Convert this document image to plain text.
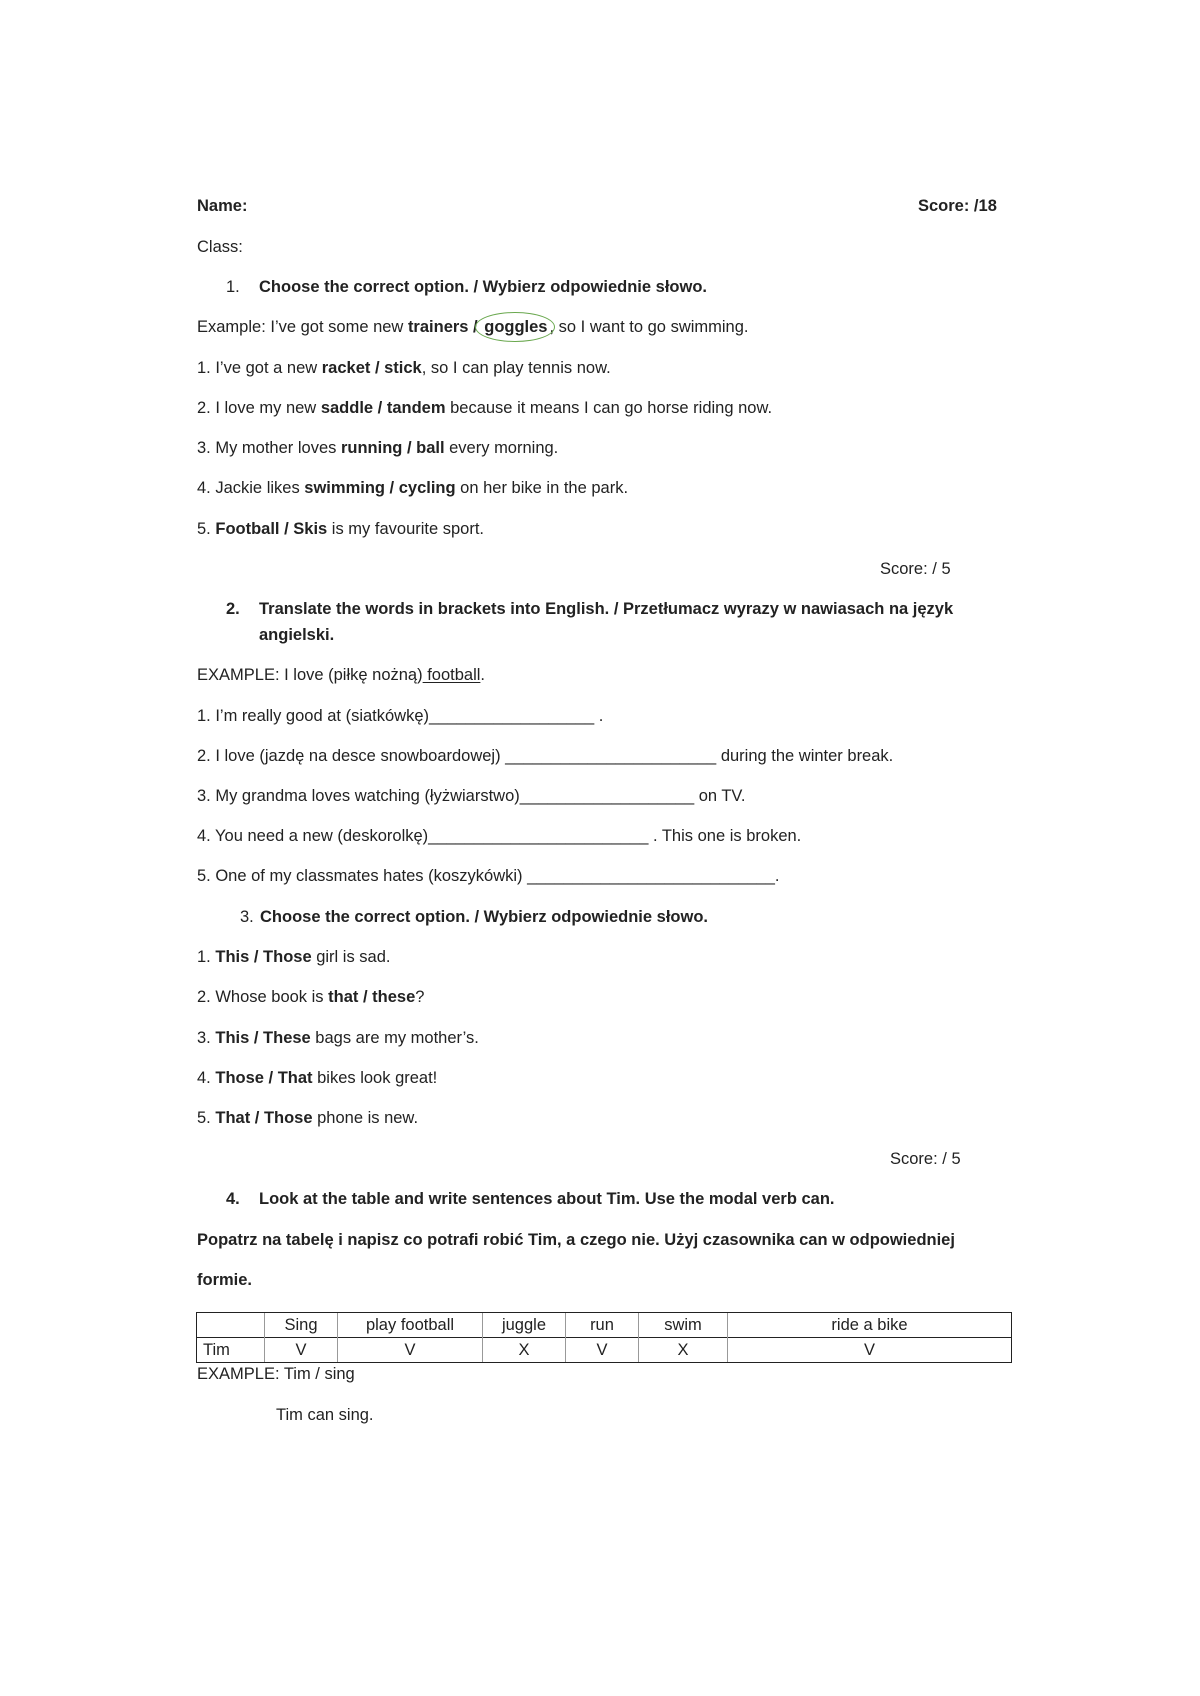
Name:	Score: /18
Class:
1. Choose the correct option. / Wybierz odpowiednie słowo.
Example: I’ve got some new trainers / goggles , so I want to go swimming.
1. I’ve got a new racket / stick, so I can play tennis now.
2. I love my new saddle / tandem because it means I can go horse riding now.
3. My mother loves running / ball every morning.
4. Jackie likes swimming / cycling on her bike in the park.
5. Football / Skis is my favourite sport.
Score: / 5
2. Translate the words in brackets into English. / Przetłumacz wyrazy w nawiasach na język
angielski.
EXAMPLE: I love (piłkę nożną) football.
1. I’m really good at (siatkówkę)__________________ .
2. I love (jazdę na desce snowboardowej) _______________________ during the winter break.
3. My grandma loves watching (łyżwiarstwo)___________________ on TV.
4. You need a new (deskorolkę)________________________ . This one is broken.
5. One of my classmates hates (koszykówki) ___________________________.
3. Choose the correct option. / Wybierz odpowiednie słowo.
1. This / Those girl is sad.
2. Whose book is that / these?
3. This / These bags are my mother’s.
4. Those / That bikes look great!
5. That / Those phone is new.
Score: / 5
4. Look at the table and write sentences about Tim. Use the modal verb can.
Popatrz na tabelę i napisz co potrafi robić Tim, a czego nie. Użyj czasownika can w odpowiedniej
formie.
	Sing	play football	juggle	run	swim	ride a bike
Tim	V	V	X	V	X	V
EXAMPLE: Tim / sing
Tim can sing.
